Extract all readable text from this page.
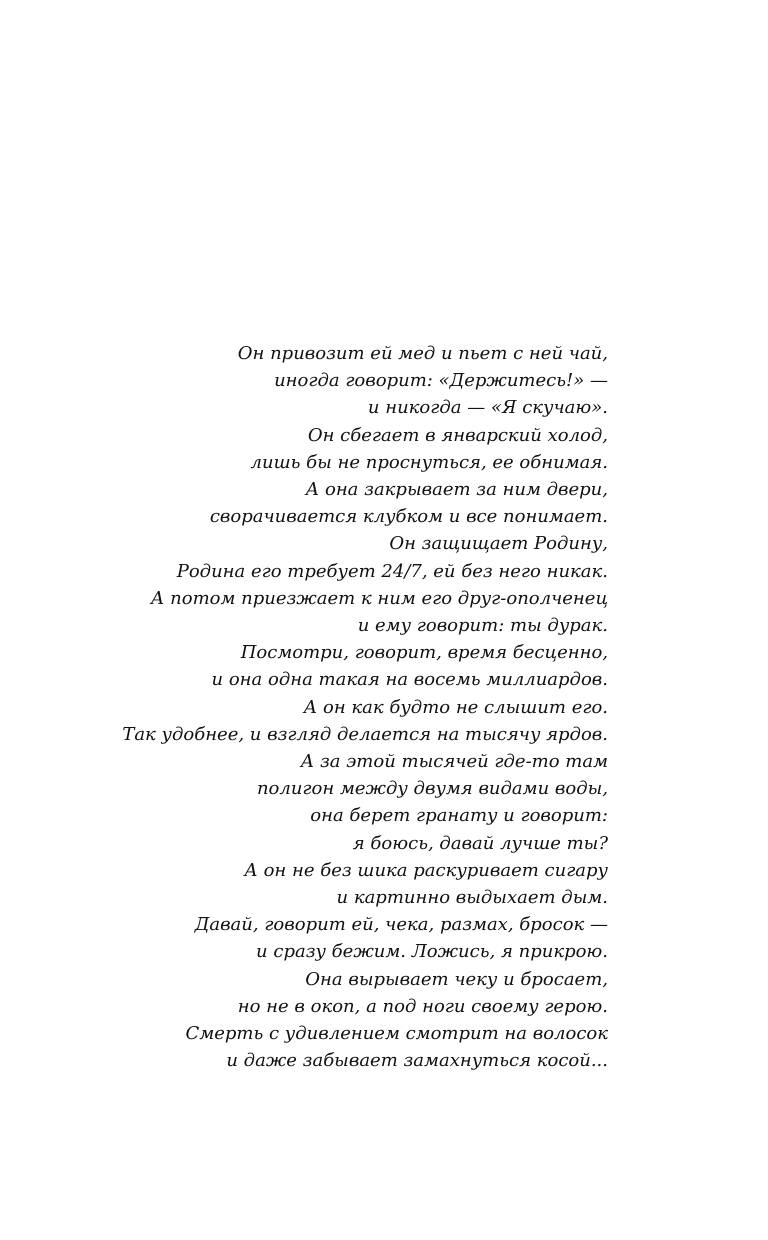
Он привозит ей мед и пьет с ней чай,
иногда говорит: «Держитесь!» —
и никогда — «Я скучаю».
Он сбегает в январский холод,
лишь бы не проснуться, ее обнимая.
А она закрывает за ним двери,
сворачивается клубком и все понимает.
Он защищает Родину,
Родина его требует 24/7, ей без него никак.
А потом приезжает к ним его друг-ополченец
и ему говорит: ты дурак.
Посмотри, говорит, время бесценно,
и она одна такая на восемь миллиардов.
А он как будто не слышит его.
Так удобнее, и взгляд делается на тысячу ярдов.
А за этой тысячей где-то там
полигон между двумя видами воды,
она берет гранату и говорит:
я боюсь, давай лучше ты?
А он не без шика раскуривает сигару
и картинно выдыхает дым.
Давай, говорит ей, чека, размах, бросок —
и сразу бежим. Ложись, я прикрою.
Она вырывает чеку и бросает,
но не в окоп, а под ноги своему герою.
Смерть с удивлением смотрит на волосок
и даже забывает замахнуться косой...
